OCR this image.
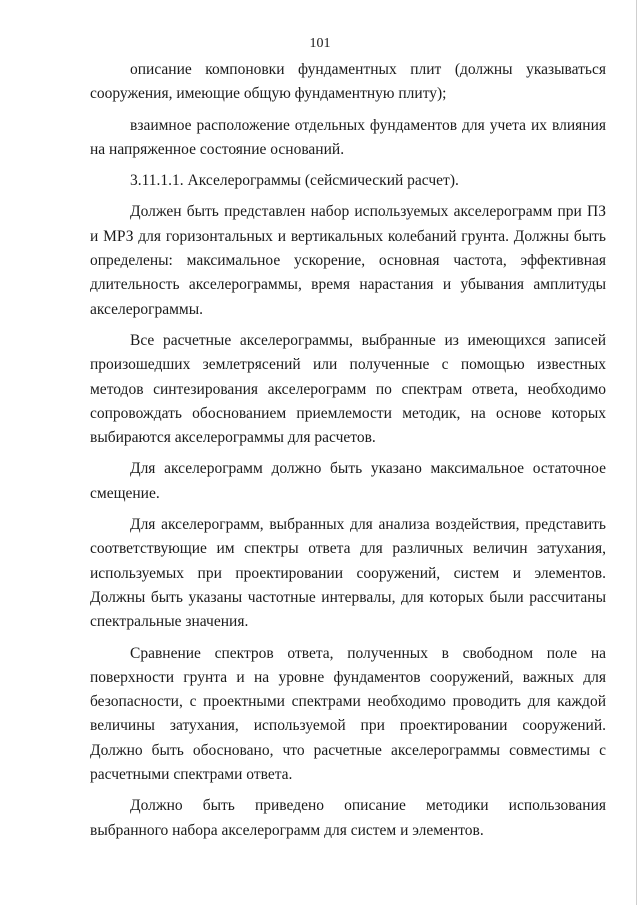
101

описание компоновки фундаментных плит (должны указываться сооружения, имеющие общую фундаментную плиту);

взаимное расположение отдельных фундаментов для учета их влияния на напряженное состояние оснований.

3.11.1.1. Акселерограммы (сейсмический расчет).

Должен быть представлен набор используемых акселерограмм при ПЗ и МРЗ для горизонтальных и вертикальных колебаний грунта. Должны быть определены: максимальное ускорение, основная частота, эффективная длительность акселерограммы, время нарастания и убывания амплитуды акселерограммы.

Все расчетные акселерограммы, выбранные из имеющихся записей произошедших землетрясений или полученные с помощью известных методов синтезирования акселерограмм по спектрам ответа, необходимо сопровождать обоснованием приемлемости методик, на основе которых выбираются акселерограммы для расчетов.

Для акселерограмм должно быть указано максимальное остаточное смещение.

Для акселерограмм, выбранных для анализа воздействия, представить соответствующие им спектры ответа для различных величин затухания, используемых при проектировании сооружений, систем и элементов. Должны быть указаны частотные интервалы, для которых были рассчитаны спектральные значения.

Сравнение спектров ответа, полученных в свободном поле на поверхности грунта и на уровне фундаментов сооружений, важных для безопасности, с проектными спектрами необходимо проводить для каждой величины затухания, используемой при проектировании сооружений. Должно быть обосновано, что расчетные акселерограммы совместимы с расчетными спектрами ответа.

Должно быть приведено описание методики использования выбранного набора акселерограмм для систем и элементов.
